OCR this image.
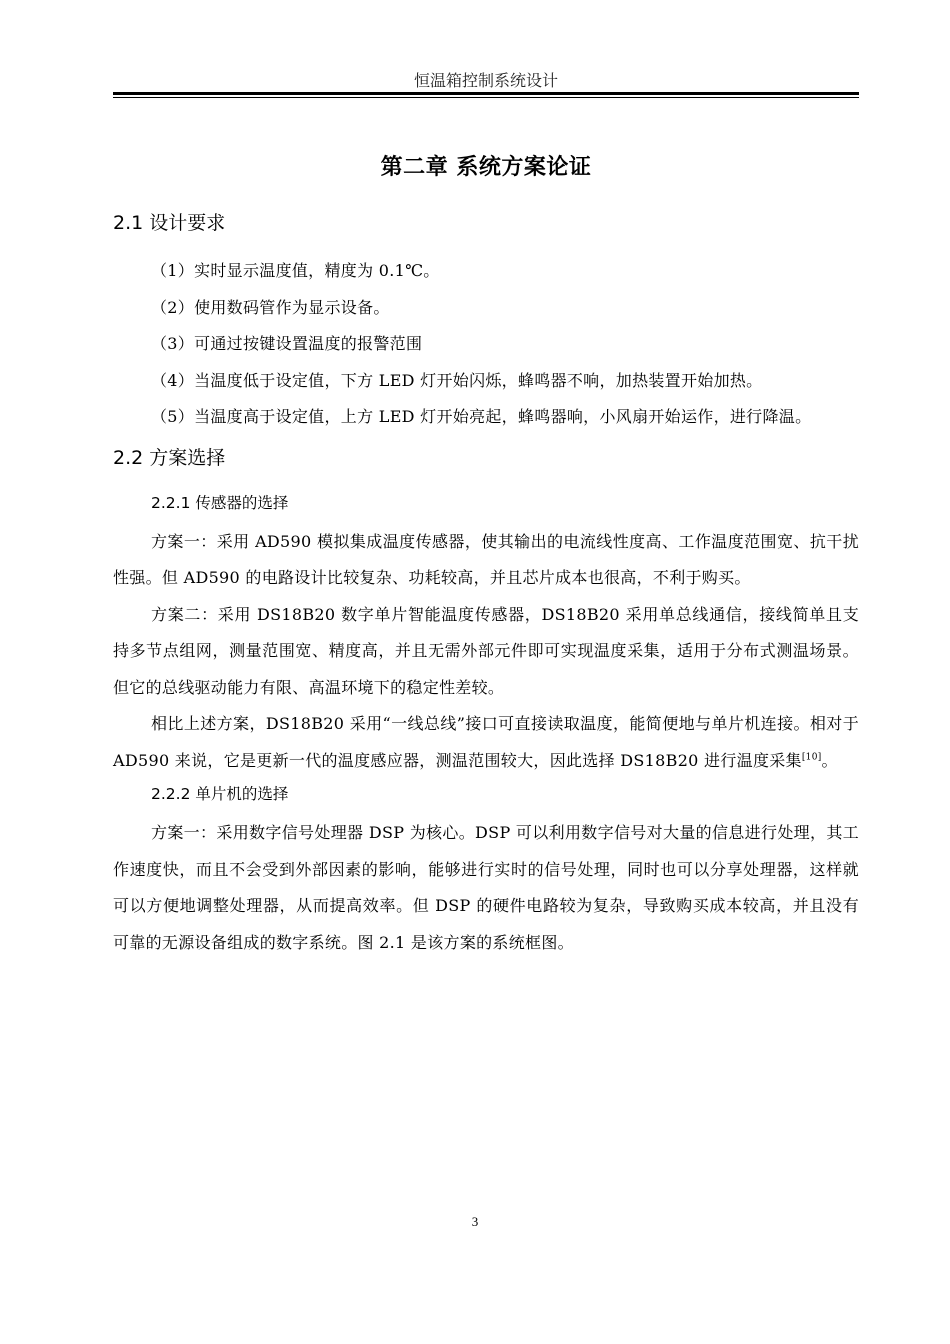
恒温箱控制系统设计
第二章 系统方案论证
2.1 设计要求

（1）实时显示温度值，精度为 0.1℃。

（2）使用数码管作为显示设备。

（3）可通过按键设置温度的报警范围

（4）当温度低于设定值，下方 LED 灯开始闪烁，蜂鸣器不响，加热装置开始加热。

（5）当温度高于设定值，上方 LED 灯开始亮起，蜂鸣器响，小风扇开始运作，进行降温。

2.2 方案选择
2.2.1 传感器的选择

方案一：采用 AD590 模拟集成温度传感器，使其输出的电流线性度高、工作温度范围宽、抗干扰性强。但 AD590 的电路设计比较复杂、功耗较高，并且芯片成本也很高，不利于购买。

方案二：采用 DS18B20 数字单片智能温度传感器，DS18B20 采用单总线通信，接线简单且支持多节点组网，测量范围宽、精度高，并且无需外部元件即可实现温度采集，适用于分布式测温场景。但它的总线驱动能力有限、高温环境下的稳定性差较。

相比上述方案，DS18B20 采用“一线总线”接口可直接读取温度，能简便地与单片机连接。相对于 AD590 来说，它是更新一代的温度感应器，测温范围较大，因此选择 DS18B20 进行温度采集[10]。

2.2.2 单片机的选择

方案一：采用数字信号处理器 DSP 为核心。DSP 可以利用数字信号对大量的信息进行处理，其工作速度快，而且不会受到外部因素的影响，能够进行实时的信号处理，同时也可以分享处理器，这样就可以方便地调整处理器，从而提高效率。但 DSP 的硬件电路较为复杂，导致购买成本较高，并且没有可靠的无源设备组成的数字系统。图 2.1 是该方案的系统框图。

3
